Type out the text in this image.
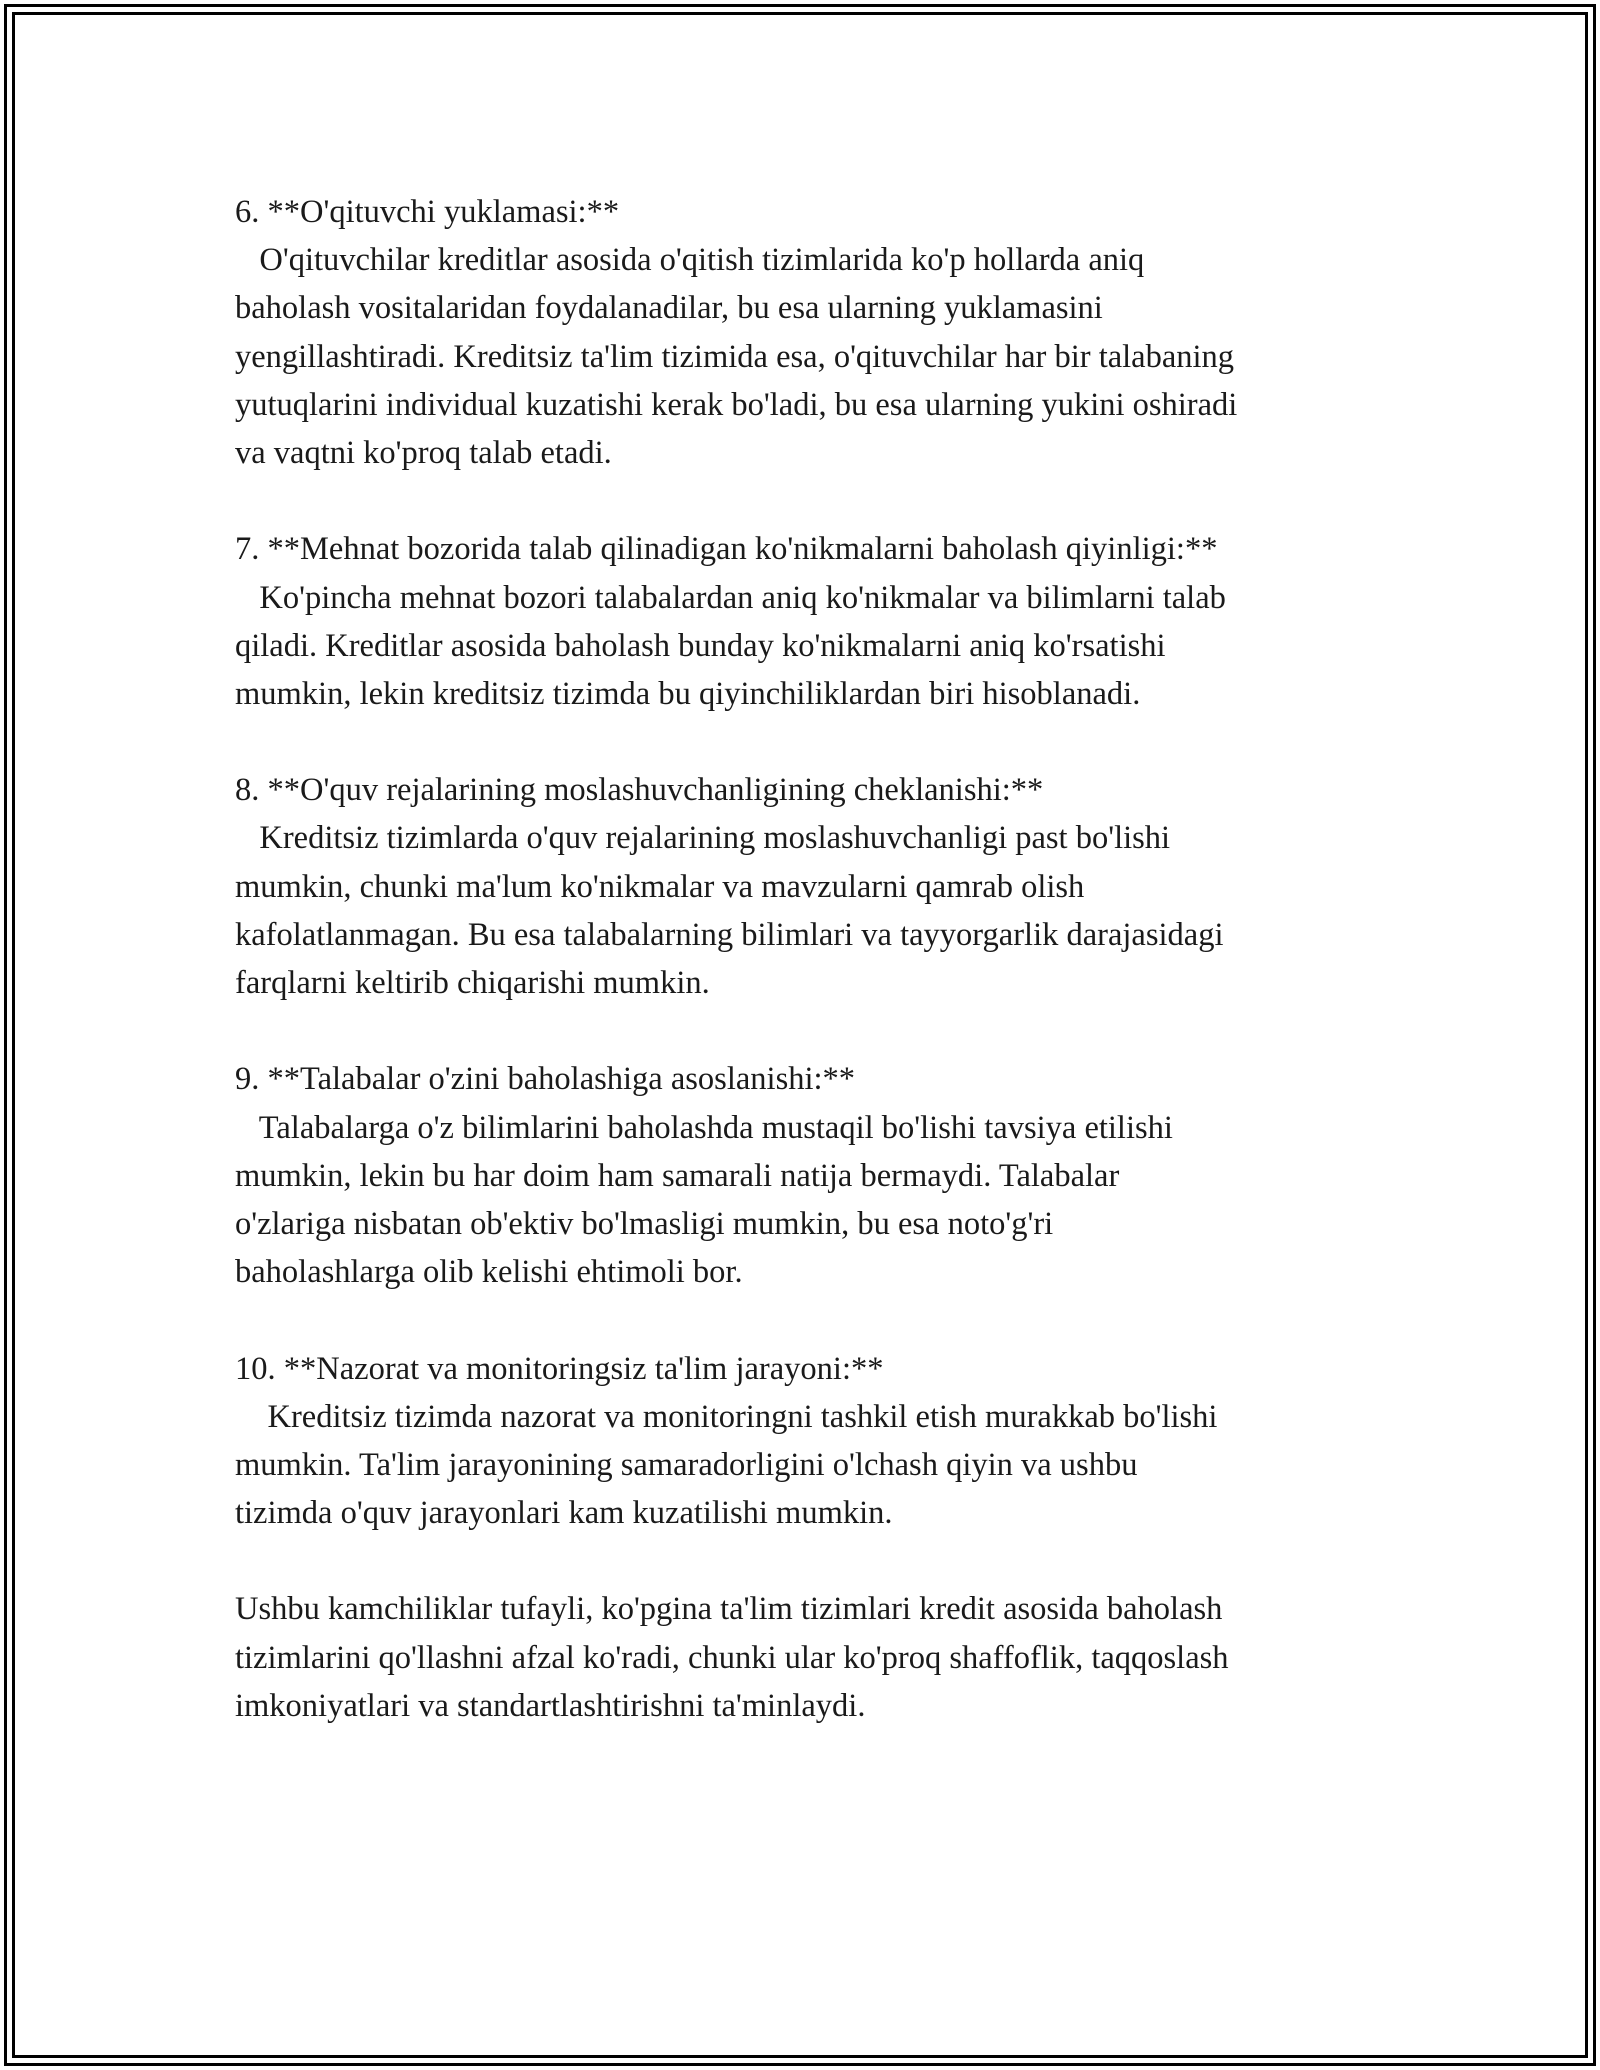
6. **O'qituvchi yuklamasi:**
O'qituvchilar kreditlar asosida o'qitish tizimlarida ko'p hollarda aniq
baholash vositalaridan foydalanadilar, bu esa ularning yuklamasini
yengillashtiradi. Kreditsiz ta'lim tizimida esa, o'qituvchilar har bir talabaning
yutuqlarini individual kuzatishi kerak bo'ladi, bu esa ularning yukini oshiradi
va vaqtni ko'proq talab etadi.
7. **Mehnat bozorida talab qilinadigan ko'nikmalarni baholash qiyinligi:**
Ko'pincha mehnat bozori talabalardan aniq ko'nikmalar va bilimlarni talab
qiladi. Kreditlar asosida baholash bunday ko'nikmalarni aniq ko'rsatishi
mumkin, lekin kreditsiz tizimda bu qiyinchiliklardan biri hisoblanadi.
8. **O'quv rejalarining moslashuvchanligining cheklanishi:**
Kreditsiz tizimlarda o'quv rejalarining moslashuvchanligi past bo'lishi
mumkin, chunki ma'lum ko'nikmalar va mavzularni qamrab olish
kafolatlanmagan. Bu esa talabalarning bilimlari va tayyorgarlik darajasidagi
farqlarni keltirib chiqarishi mumkin.
9. **Talabalar o'zini baholashiga asoslanishi:**
Talabalarga o'z bilimlarini baholashda mustaqil bo'lishi tavsiya etilishi
mumkin, lekin bu har doim ham samarali natija bermaydi. Talabalar
o'zlariga nisbatan ob'ektiv bo'lmasligi mumkin, bu esa noto'g'ri
baholashlarga olib kelishi ehtimoli bor.
10. **Nazorat va monitoringsiz ta'lim jarayoni:**
Kreditsiz tizimda nazorat va monitoringni tashkil etish murakkab bo'lishi
mumkin. Ta'lim jarayonining samaradorligini o'lchash qiyin va ushbu
tizimda o'quv jarayonlari kam kuzatilishi mumkin.
Ushbu kamchiliklar tufayli, ko'pgina ta'lim tizimlari kredit asosida baholash
tizimlarini qo'llashni afzal ko'radi, chunki ular ko'proq shaffoflik, taqqoslash
imkoniyatlari va standartlashtirishni ta'minlaydi.
